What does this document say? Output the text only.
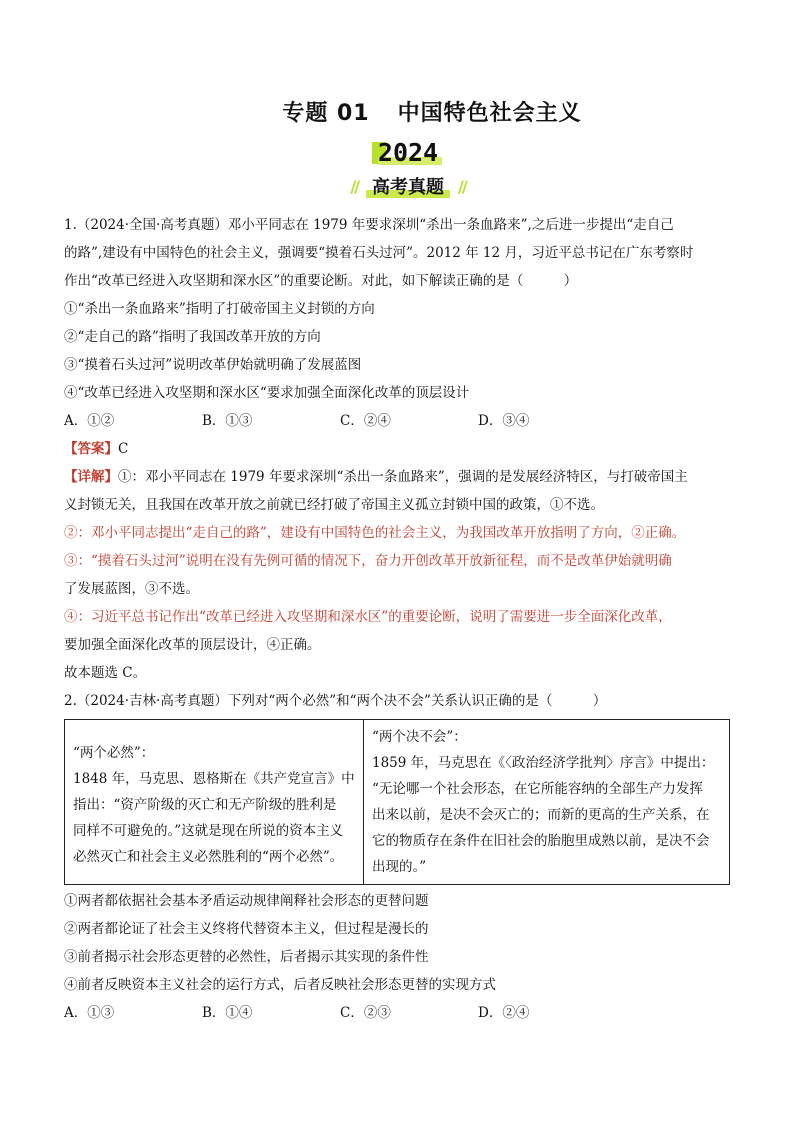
专题 01 中国特色社会主义
2024
// 高考真题 //
1.（2024·全国·高考真题）邓小平同志在 1979 年要求深圳“杀出一条血路来”,之后进一步提出“走自己
的路”,建设有中国特色的社会主义，强调要“摸着石头过河”。2012 年 12 月，习近平总书记在广东考察时
作出“改革已经进入攻坚期和深水区”的重要论断。对此，如下解读正确的是（　　　）
①“杀出一条血路来”指明了打破帝国主义封锁的方向
②“走自己的路”指明了我国改革开放的方向
③“摸着石头过河”说明改革伊始就明确了发展蓝图
④“改革已经进入攻坚期和深水区“要求加强全面深化改革的顶层设计
A．①②	B．①③	C．②④	D．③④
【答案】C
【详解】①：邓小平同志在 1979 年要求深圳“杀出一条血路来”，强调的是发展经济特区，与打破帝国主
义封锁无关，且我国在改革开放之前就已经打破了帝国主义孤立封锁中国的政策，①不选。
②：邓小平同志提出“走自己的路”，建设有中国特色的社会主义，为我国改革开放指明了方向，②正确。
③：“摸着石头过河”说明在没有先例可循的情况下，奋力开创改革开放新征程，而不是改革伊始就明确
了发展蓝图，③不选。
④：习近平总书记作出“改革已经进入攻坚期和深水区”的重要论断，说明了需要进一步全面深化改革，
要加强全面深化改革的顶层设计，④正确。
故本题选 C。
2.（2024·吉林·高考真题）下列对“两个必然”和“两个决不会”关系认识正确的是（　　　）
“两个必然”：
1848 年，马克思、恩格斯在《共产党宣言》中
指出：“资产阶级的灭亡和无产阶级的胜利是
同样不可避免的。”这就是现在所说的资本主义
必然灭亡和社会主义必然胜利的“两个必然”。

“两个决不会”：
1859 年，马克思在《〈政治经济学批判〉序言》中提出：
“无论哪一个社会形态，在它所能容纳的全部生产力发挥
出来以前，是决不会灭亡的；而新的更高的生产关系，在
它的物质存在条件在旧社会的胎胞里成熟以前，是决不会
出现的。”
①两者都依据社会基本矛盾运动规律阐释社会形态的更替问题
②两者都论证了社会主义终将代替资本主义，但过程是漫长的
③前者揭示社会形态更替的必然性，后者揭示其实现的条件性
④前者反映资本主义社会的运行方式，后者反映社会形态更替的实现方式
A．①③	B．①④	C．②③	D．②④
